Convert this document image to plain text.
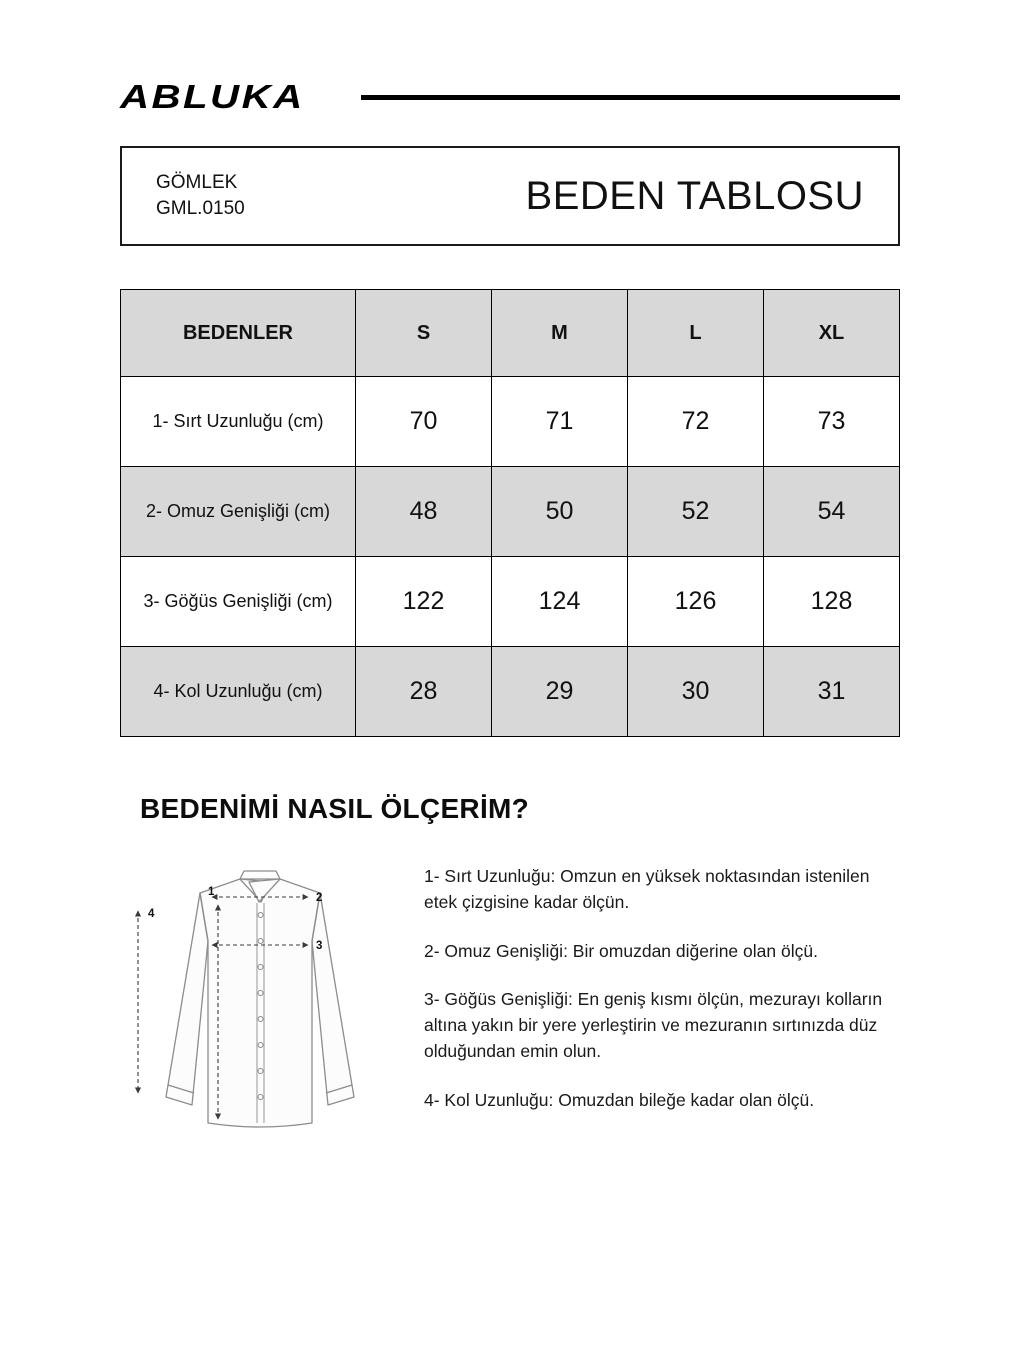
ABLUKA
GÖMLEK
GML.0150	BEDEN TABLOSU
BEDENLER	S	M	L	XL
1- Sırt Uzunluğu (cm)	70	71	72	73
2- Omuz Genişliği (cm)	48	50	52	54
3- Göğüs Genişliği (cm)	122	124	126	128
4- Kol Uzunluğu (cm)	28	29	30	31
BEDENİMİ NASIL ÖLÇERİM?
1	2
3
4

1- Sırt Uzunluğu: Omzun en yüksek noktasından istenilen etek çizgisine kadar ölçün.

2- Omuz Genişliği: Bir omuzdan diğerine olan ölçü.

3- Göğüs Genişliği: En geniş kısmı ölçün, mezurayı kolların altına yakın bir yere yerleştirin ve mezuranın sırtınızda düz olduğundan emin olun.

4- Kol Uzunluğu: Omuzdan bileğe kadar olan ölçü.
